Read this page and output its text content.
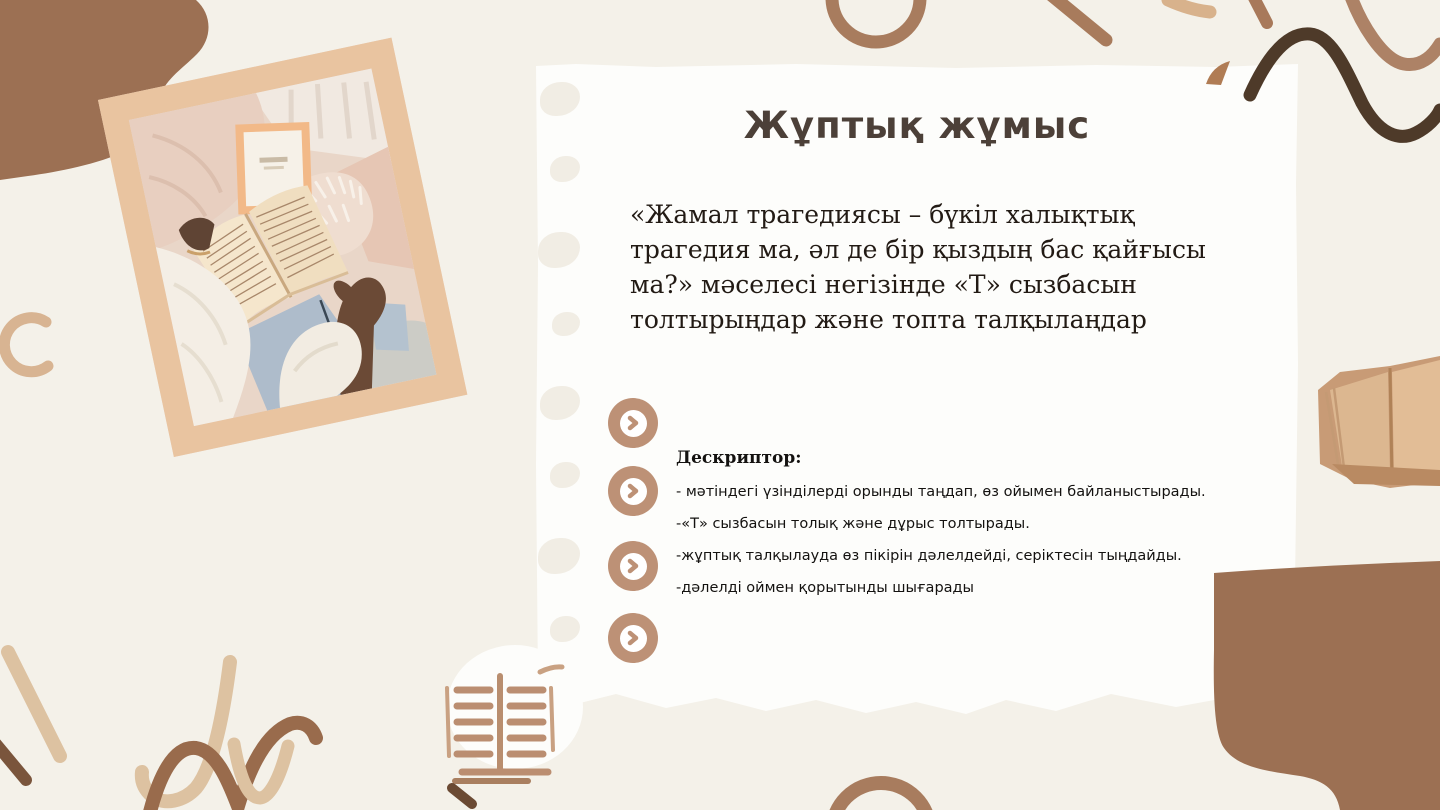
Жұптық жұмыс
«Жамал трагедиясы – бүкіл халықтық
трагедия ма, әл де бір қыздың бас қайғысы
ма?» мәселесі негізінде «Т» сызбасын
толтырыңдар және топта талқылаңдар
Дескриптор:
- мәтіндегі үзінділерді орынды таңдап, өз ойымен байланыстырады.
-«Т» сызбасын толық және дұрыс толтырады.
-жұптық талқылауда өз пікірін дәлелдейді, серіктесін тыңдайды.
-дәлелді оймен қорытынды шығарады
